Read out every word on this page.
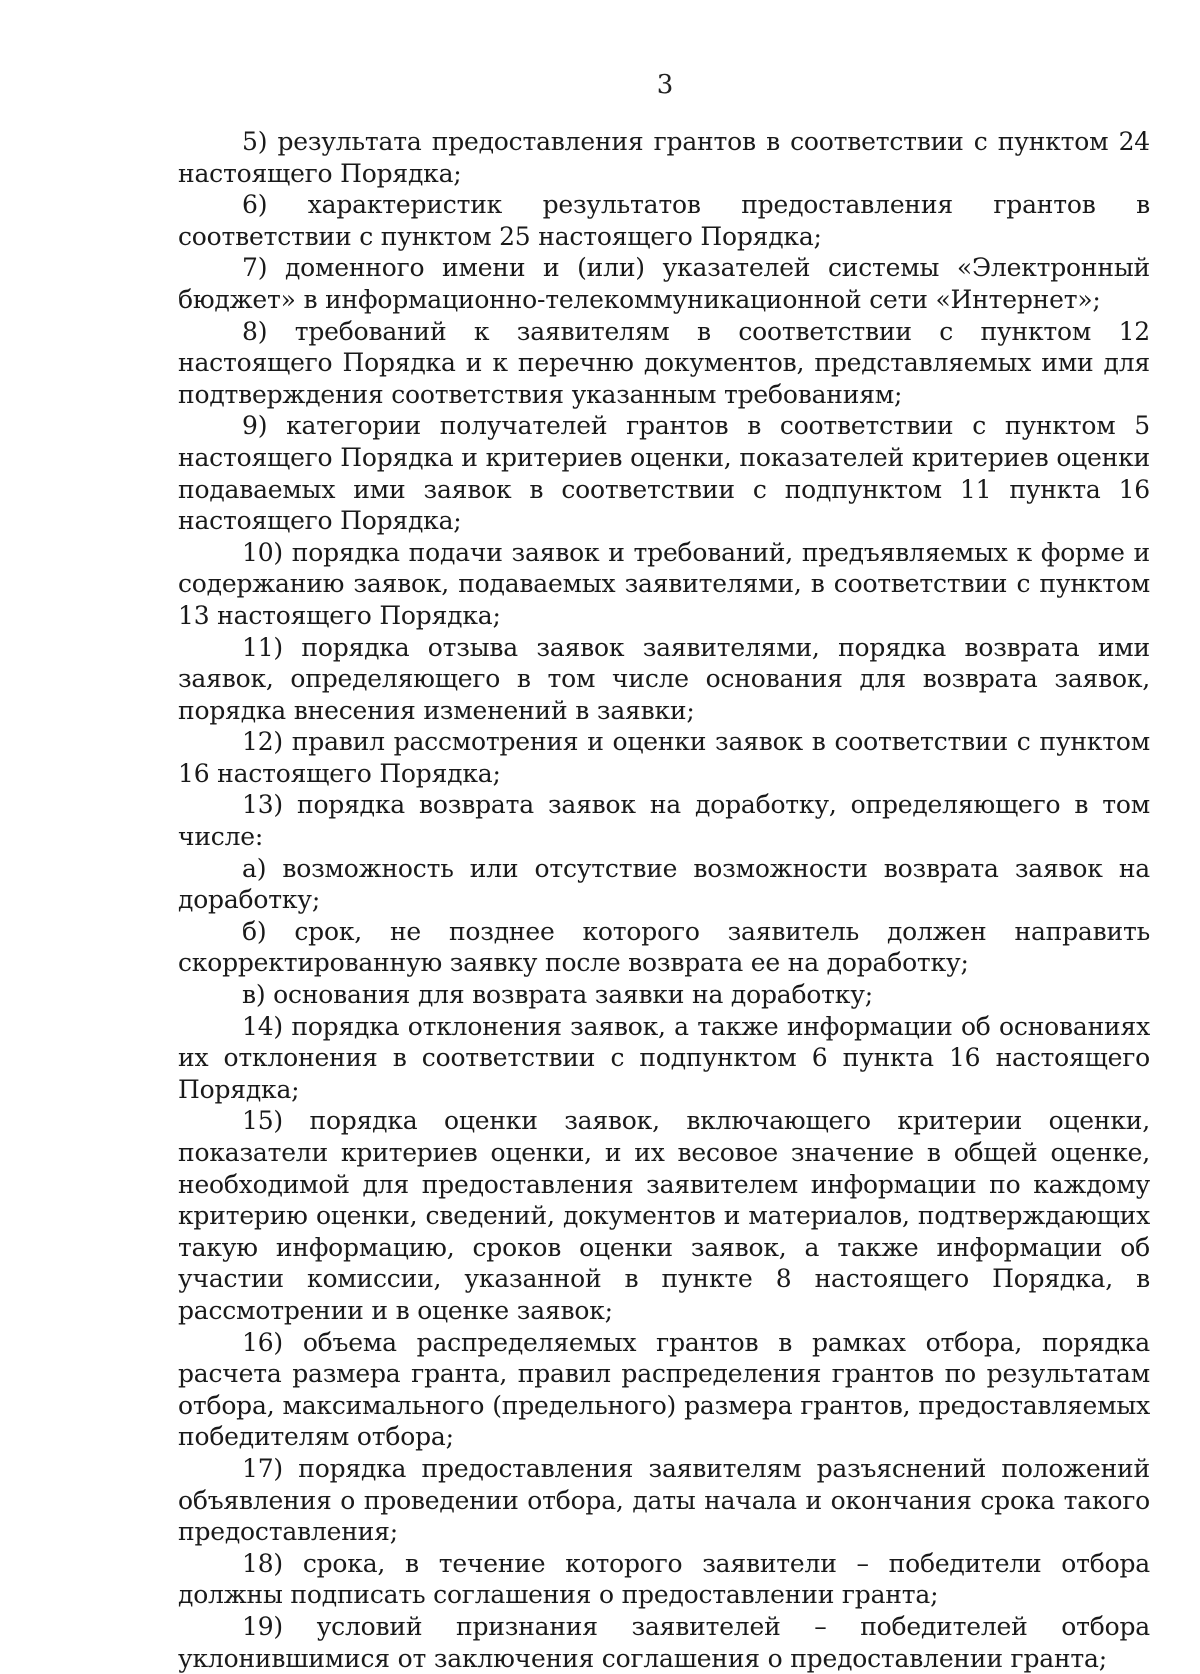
3

5) результата предоставления грантов в соответствии с пунктом 24 настоящего Порядка;

6) характеристик результатов предоставления грантов в соответствии с пунктом 25 настоящего Порядка;

7) доменного имени и (или) указателей системы «Электронный бюджет» в информационно-телекоммуникационной сети «Интернет»;

8) требований к заявителям в соответствии с пунктом 12 настоящего Порядка и к перечню документов, представляемых ими для подтверждения соответствия указанным требованиям;

9) категории получателей грантов в соответствии с пунктом 5 настоящего Порядка и критериев оценки, показателей критериев оценки подаваемых ими заявок в соответствии с подпунктом 11 пункта 16 настоящего Порядка;

10) порядка подачи заявок и требований, предъявляемых к форме и содержанию заявок, подаваемых заявителями, в соответствии с пунктом 13 настоящего Порядка;

11) порядка отзыва заявок заявителями, порядка возврата ими заявок, определяющего в том числе основания для возврата заявок, порядка внесения изменений в заявки;

12) правил рассмотрения и оценки заявок в соответствии с пунктом 16 настоящего Порядка;

13) порядка возврата заявок на доработку, определяющего в том числе:

а) возможность или отсутствие возможности возврата заявок на доработку;

б) срок, не позднее которого заявитель должен направить скорректированную заявку после возврата ее на доработку;

в) основания для возврата заявки на доработку;

14) порядка отклонения заявок, а также информации об основаниях их отклонения в соответствии с подпунктом 6 пункта 16 настоящего Порядка;

15) порядка оценки заявок, включающего критерии оценки, показатели критериев оценки, и их весовое значение в общей оценке, необходимой для предоставления заявителем информации по каждому критерию оценки, сведений, документов и материалов, подтверждающих такую информацию, сроков оценки заявок, а также информации об участии комиссии, указанной в пункте 8 настоящего Порядка, в рассмотрении и в оценке заявок;

16) объема распределяемых грантов в рамках отбора, порядка расчета размера гранта, правил распределения грантов по результатам отбора, максимального (предельного) размера грантов, предоставляемых победителям отбора;

17) порядка предоставления заявителям разъяснений положений объявления о проведении отбора, даты начала и окончания срока такого предоставления;

18) срока, в течение которого заявители – победители отбора должны подписать соглашения о предоставлении гранта;

19) условий признания заявителей – победителей отбора уклонившимися от заключения соглашения о предоставлении гранта;
